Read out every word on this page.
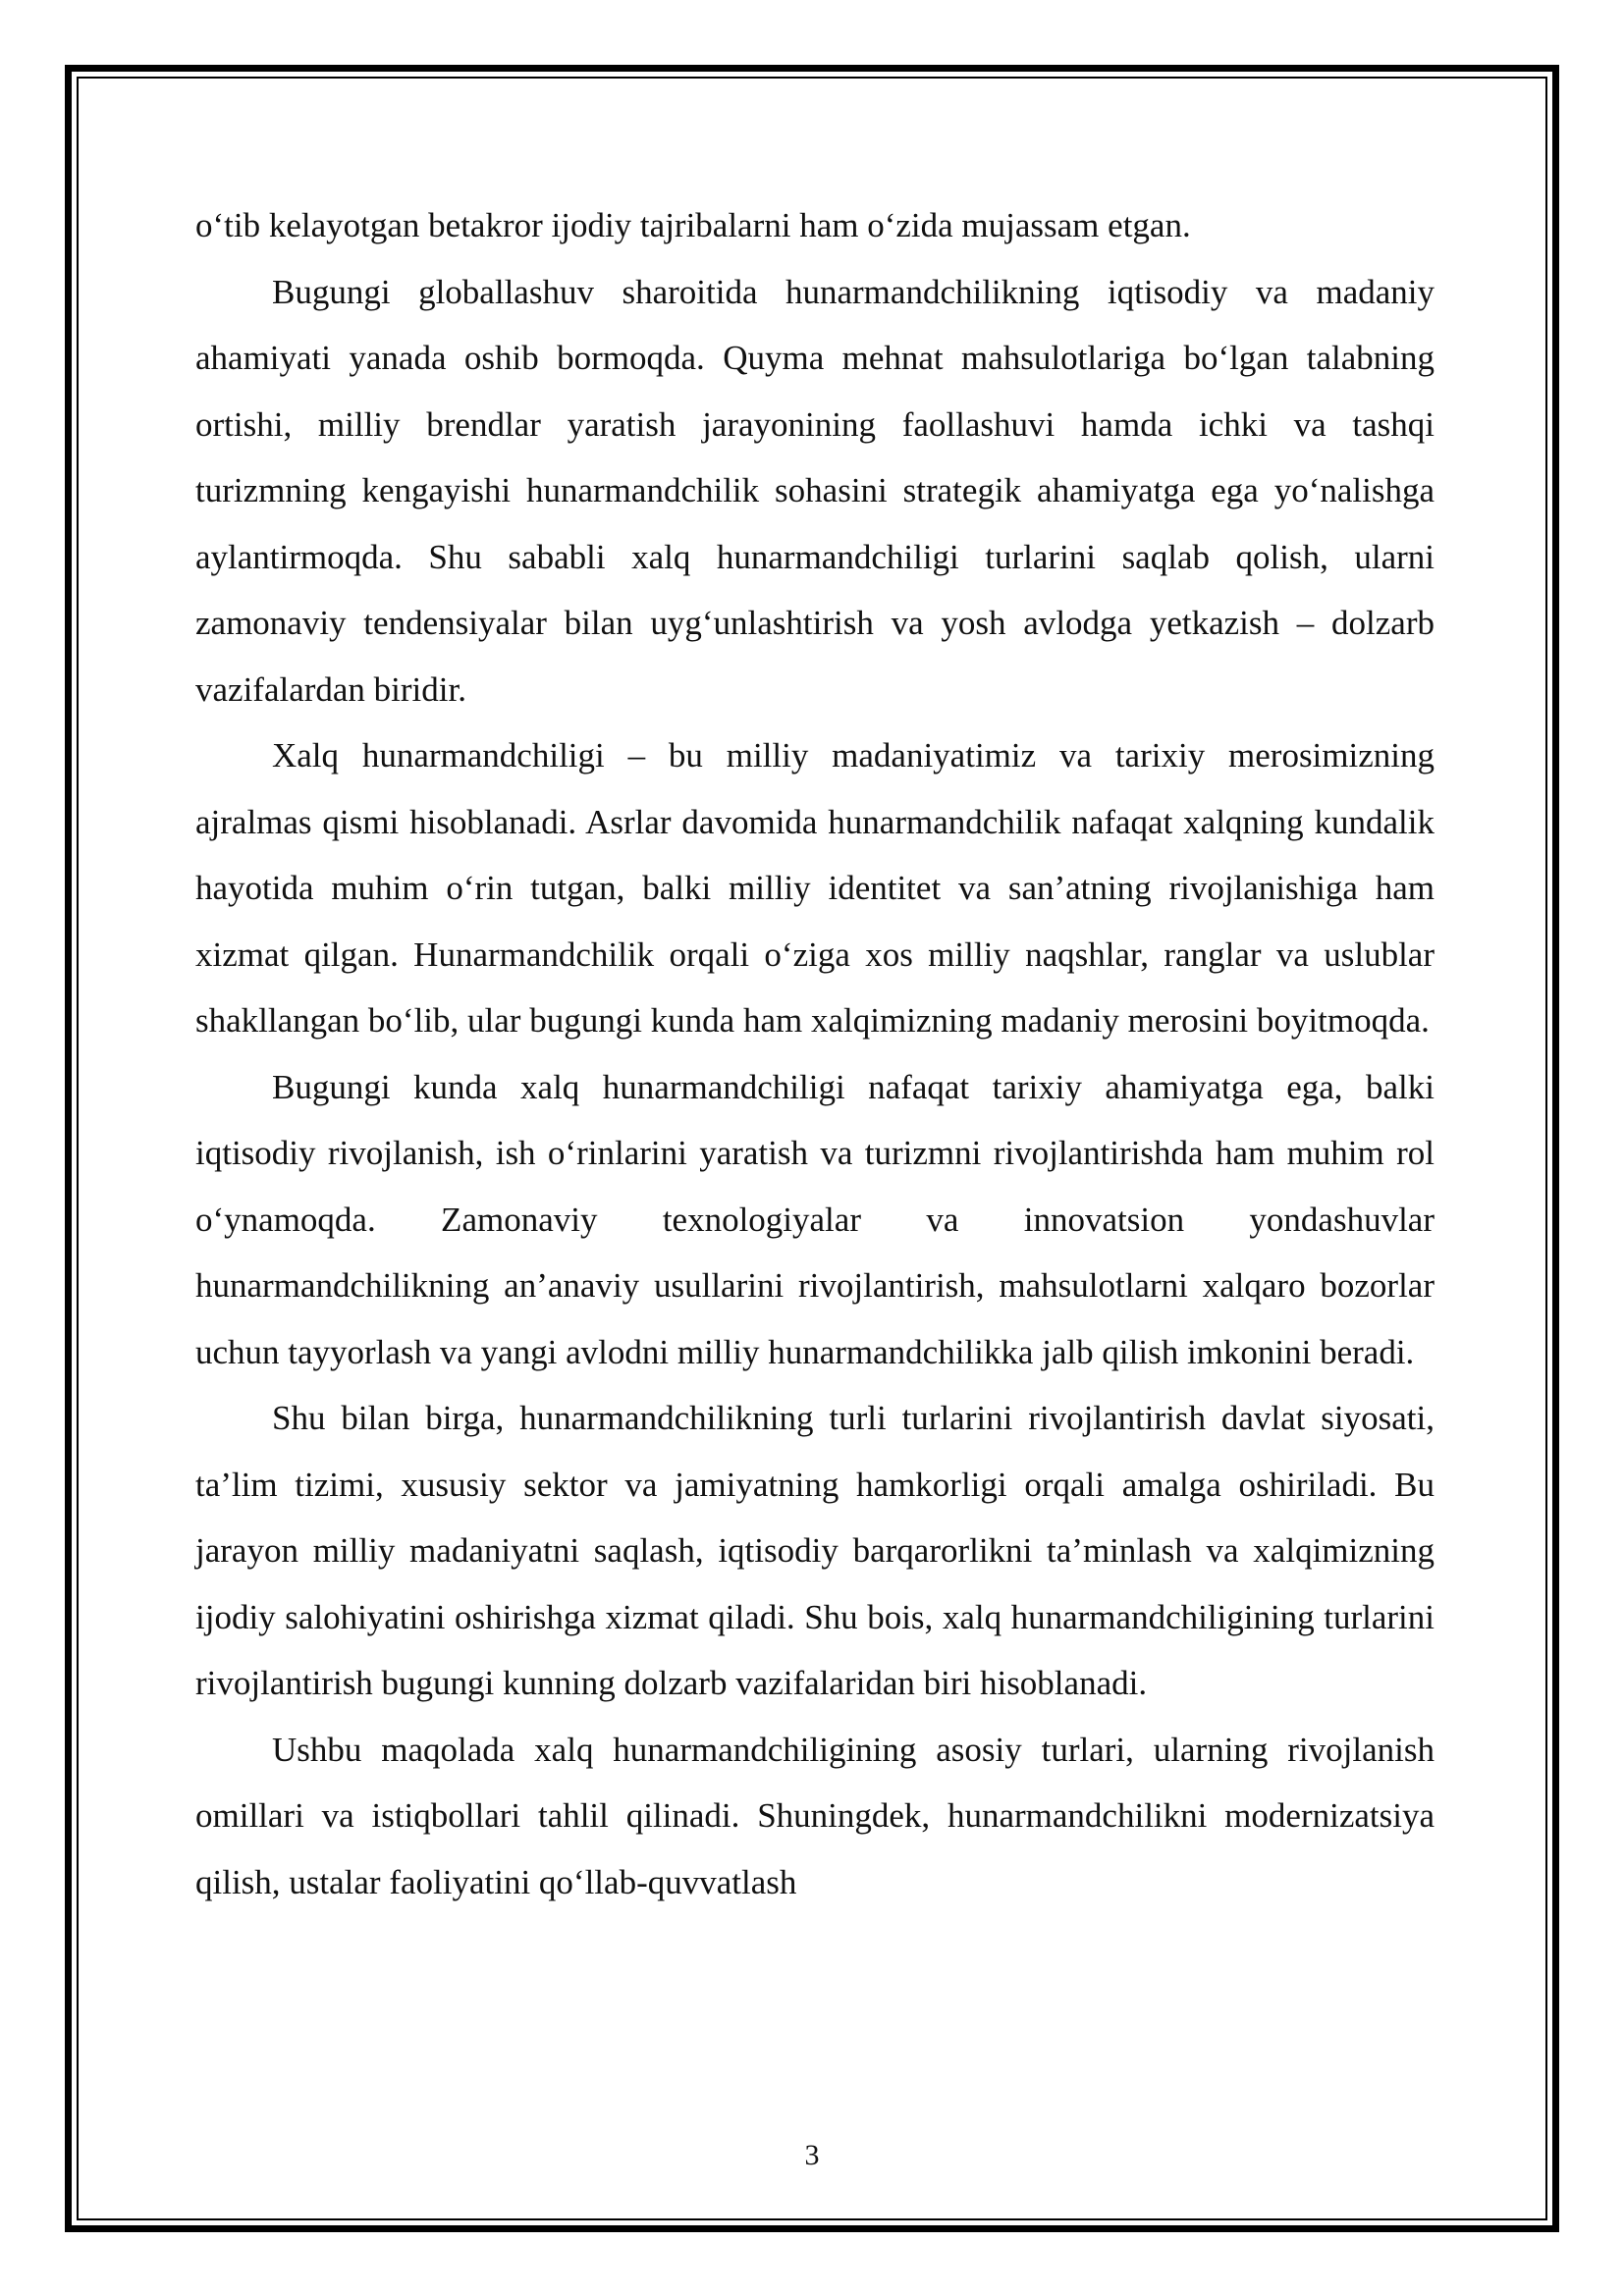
o‘tib kelayotgan betakror ijodiy tajribalarni ham o‘zida mujassam etgan.

Bugungi globallashuv sharoitida hunarmandchilikning iqtisodiy va madaniy ahamiyati yanada oshib bormoqda. Quyma mehnat mahsulotlariga bo‘lgan talabning ortishi, milliy brendlar yaratish jarayonining faollashuvi hamda ichki va tashqi turizmning kengayishi hunarmandchilik sohasini strategik ahamiyatga ega yo‘nalishga aylantirmoqda. Shu sababli xalq hunarmandchiligi turlarini saqlab qolish, ularni zamonaviy tendensiyalar bilan uyg‘unlashtirish va yosh avlodga yetkazish – dolzarb vazifalardan biridir.

Xalq hunarmandchiligi – bu milliy madaniyatimiz va tarixiy merosimizning ajralmas qismi hisoblanadi. Asrlar davomida hunarmandchilik nafaqat xalqning kundalik hayotida muhim o‘rin tutgan, balki milliy identitet va san’atning rivojlanishiga ham xizmat qilgan. Hunarmandchilik orqali o‘ziga xos milliy naqshlar, ranglar va uslublar shakllangan bo‘lib, ular bugungi kunda ham xalqimizning madaniy merosini boyitmoqda.

Bugungi kunda xalq hunarmandchiligi nafaqat tarixiy ahamiyatga ega, balki iqtisodiy rivojlanish, ish o‘rinlarini yaratish va turizmni rivojlantirishda ham muhim rol o‘ynamoqda. Zamonaviy texnologiyalar va innovatsion yondashuvlar hunarmandchilikning an’anaviy usullarini rivojlantirish, mahsulotlarni xalqaro bozorlar uchun tayyorlash va yangi avlodni milliy hunarmandchilikka jalb qilish imkonini beradi.

Shu bilan birga, hunarmandchilikning turli turlarini rivojlantirish davlat siyosati, ta’lim tizimi, xususiy sektor va jamiyatning hamkorligi orqali amalga oshiriladi. Bu jarayon milliy madaniyatni saqlash, iqtisodiy barqarorlikni ta’minlash va xalqimizning ijodiy salohiyatini oshirishga xizmat qiladi. Shu bois, xalq hunarmandchiligining turlarini rivojlantirish bugungi kunning dolzarb vazifalaridan biri hisoblanadi.

Ushbu maqolada xalq hunarmandchiligining asosiy turlari, ularning rivojlanish omillari va istiqbollari tahlil qilinadi. Shuningdek, hunarmandchilikni modernizatsiya qilish, ustalar faoliyatini qo‘llab-quvvatlash

3
